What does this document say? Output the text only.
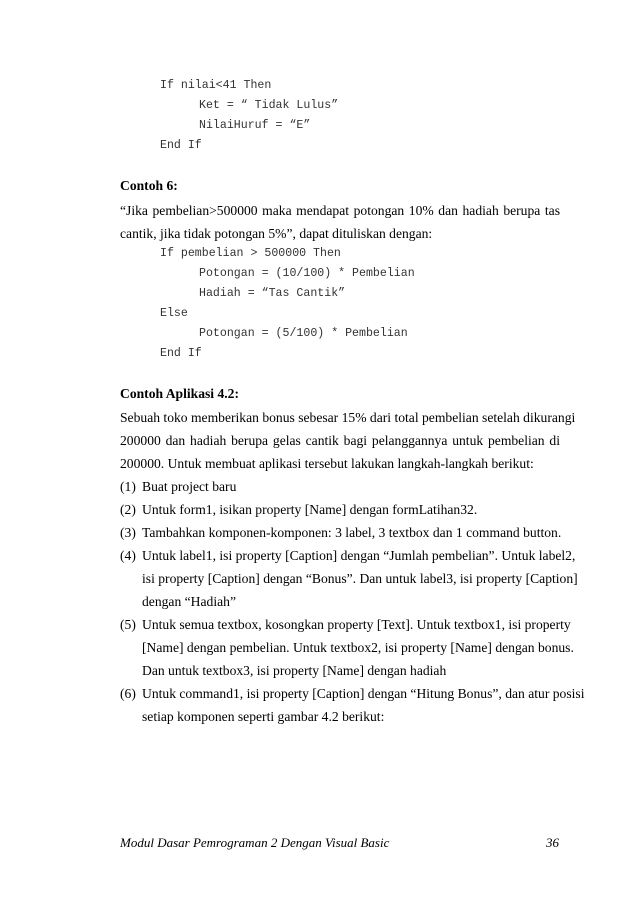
If nilai<41 Then
Ket = “ Tidak Lulus”
NilaiHuruf = “E”
End If
Contoh 6:
“Jika pembelian>500000 maka mendapat potongan 10% dan hadiah berupa tas
cantik, jika tidak potongan 5%”, dapat dituliskan dengan:
If pembelian > 500000 Then
Potongan = (10/100) * Pembelian
Hadiah = “Tas Cantik”
Else
Potongan = (5/100) * Pembelian
End If
Contoh Aplikasi 4.2:
Sebuah toko memberikan bonus sebesar 15% dari total pembelian setelah dikurangi
200000 dan hadiah berupa gelas cantik bagi pelanggannya untuk pembelian di
200000. Untuk membuat aplikasi tersebut lakukan langkah-langkah berikut:
(1) Buat project baru
(2) Untuk form1, isikan property [Name] dengan formLatihan32.
(3) Tambahkan komponen-komponen: 3 label, 3 textbox dan 1 command button.
(4) Untuk label1, isi property [Caption] dengan “Jumlah pembelian”. Untuk label2,
isi property [Caption] dengan “Bonus”. Dan untuk label3, isi property [Caption]
dengan “Hadiah”
(5) Untuk semua textbox, kosongkan property [Text]. Untuk textbox1, isi property
[Name] dengan pembelian. Untuk textbox2, isi property [Name] dengan bonus.
Dan untuk textbox3, isi property [Name] dengan hadiah
(6) Untuk command1, isi property [Caption] dengan “Hitung Bonus”, dan atur posisi
setiap komponen seperti gambar 4.2 berikut:
Modul Dasar Pemrograman 2 Dengan Visual Basic	36
